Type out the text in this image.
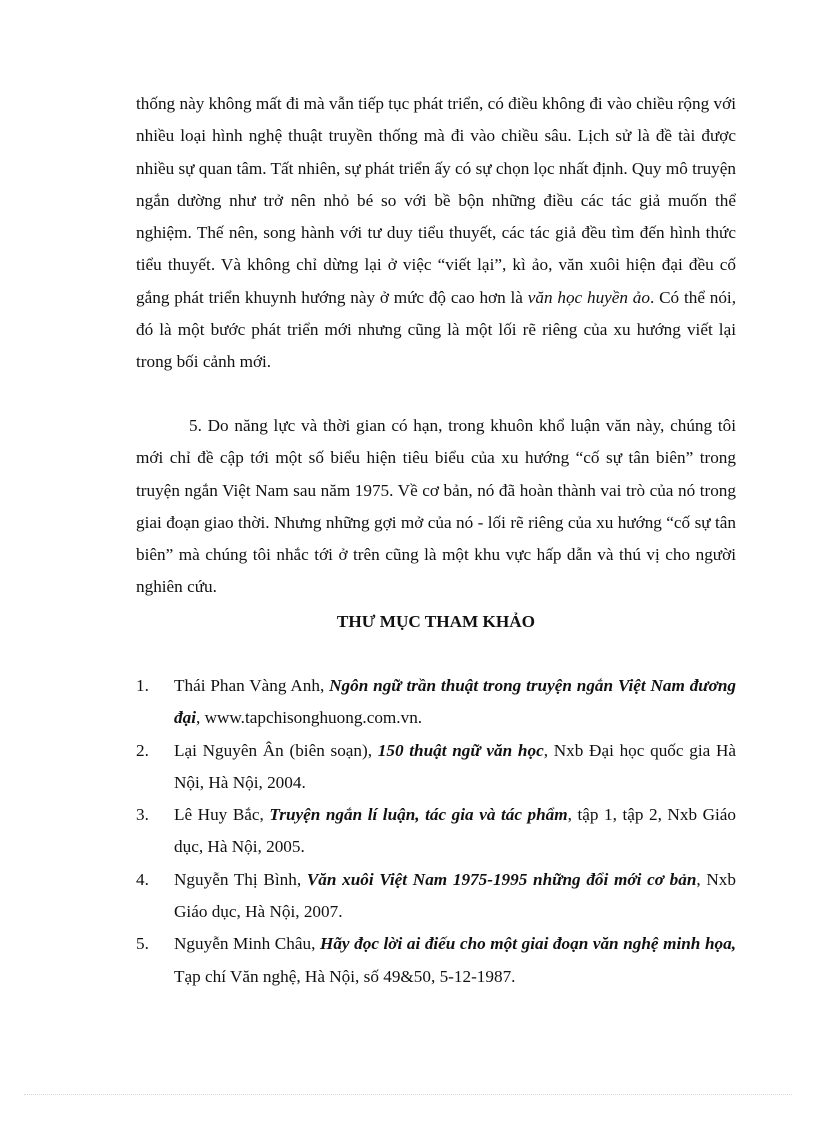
thống này không mất đi mà vẫn tiếp tục phát triển, có điều không đi vào chiều rộng với nhiều loại hình nghệ thuật truyền thống mà đi vào chiều sâu. Lịch sử là đề tài được nhiều sự quan tâm. Tất nhiên, sự phát triển ấy có sự chọn lọc nhất định. Quy mô truyện ngắn dường như trở nên nhỏ bé so với bề bộn những điều các tác giả muốn thể nghiệm. Thế nên, song hành với tư duy tiểu thuyết, các tác giả đều tìm đến hình thức tiểu thuyết. Và không chỉ dừng lại ở việc “viết lại”, kì ảo, văn xuôi hiện đại đều cố gắng phát triển khuynh hướng này ở mức độ cao hơn là văn học huyền ảo. Có thể nói, đó là một bước phát triển mới nhưng cũng là một lối rẽ riêng của xu hướng viết lại trong bối cảnh mới.

5. Do năng lực và thời gian có hạn, trong khuôn khổ luận văn này, chúng tôi mới chỉ đề cập tới một số biểu hiện tiêu biểu của xu hướng “cố sự tân biên” trong truyện ngắn Việt Nam sau năm 1975. Về cơ bản, nó đã hoàn thành vai trò của nó trong giai đoạn giao thời. Nhưng những gợi mở của nó - lối rẽ riêng của xu hướng “cố sự tân biên” mà chúng tôi nhắc tới ở trên cũng là một khu vực hấp dẫn và thú vị cho người nghiên cứu.

THƯ MỤC THAM KHẢO
1. Thái Phan Vàng Anh, Ngôn ngữ trần thuật trong truyện ngắn Việt Nam đương đại, www.tapchisonghuong.com.vn.
2. Lại Nguyên Ân (biên soạn), 150 thuật ngữ văn học, Nxb Đại học quốc gia Hà Nội, Hà Nội, 2004.
3. Lê Huy Bắc, Truyện ngắn lí luận, tác gia và tác phẩm, tập 1, tập 2, Nxb Giáo dục, Hà Nội, 2005.
4. Nguyễn Thị Bình, Văn xuôi Việt Nam 1975-1995 những đổi mới cơ bản, Nxb Giáo dục, Hà Nội, 2007.
5. Nguyễn Minh Châu, Hãy đọc lời ai điếu cho một giai đoạn văn nghệ minh họa, Tạp chí Văn nghệ, Hà Nội, số 49&50, 5-12-1987.
